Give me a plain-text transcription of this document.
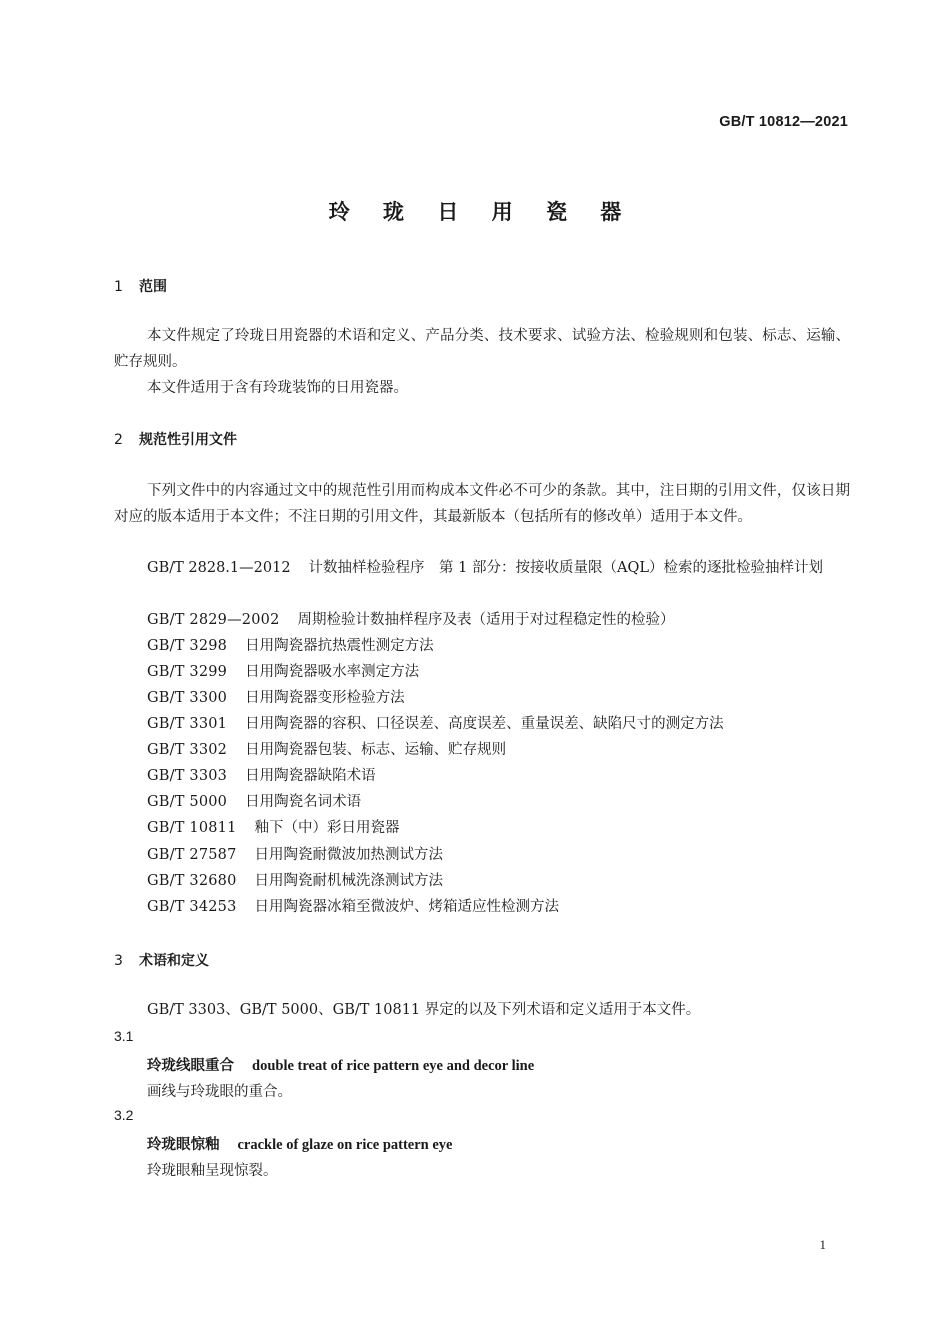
GB/T 10812—2021
玲 珑 日 用 瓷 器
1 范围

本文件规定了玲珑日用瓷器的术语和定义、产品分类、技术要求、试验方法、检验规则和包装、标志、运输、贮存规则。

本文件适用于含有玲珑装饰的日用瓷器。

2 规范性引用文件

下列文件中的内容通过文中的规范性引用而构成本文件必不可少的条款。其中，注日期的引用文件，仅该日期对应的版本适用于本文件；不注日期的引用文件，其最新版本（包括所有的修改单）适用于本文件。

GB/T 2828.1—2012 计数抽样检验程序　第 1 部分：按接收质量限（AQL）检索的逐批检验抽样计划

GB/T 2829—2002 周期检验计数抽样程序及表（适用于对过程稳定性的检验）
GB/T 3298 日用陶瓷器抗热震性测定方法
GB/T 3299 日用陶瓷器吸水率测定方法
GB/T 3300 日用陶瓷器变形检验方法
GB/T 3301 日用陶瓷器的容积、口径误差、高度误差、重量误差、缺陷尺寸的测定方法
GB/T 3302 日用陶瓷器包装、标志、运输、贮存规则
GB/T 3303 日用陶瓷器缺陷术语
GB/T 5000 日用陶瓷名词术语
GB/T 10811 釉下（中）彩日用瓷器
GB/T 27587 日用陶瓷耐微波加热测试方法
GB/T 32680 日用陶瓷耐机械洗涤测试方法
GB/T 34253 日用陶瓷器冰箱至微波炉、烤箱适应性检测方法
3 术语和定义

GB/T 3303、GB/T 5000、GB/T 10811 界定的以及下列术语和定义适用于本文件。

3.1
玲珑线眼重合 double treat of rice pattern eye and decor line
画线与玲珑眼的重合。
3.2
玲珑眼惊釉 crackle of glaze on rice pattern eye
玲珑眼釉呈现惊裂。
1
